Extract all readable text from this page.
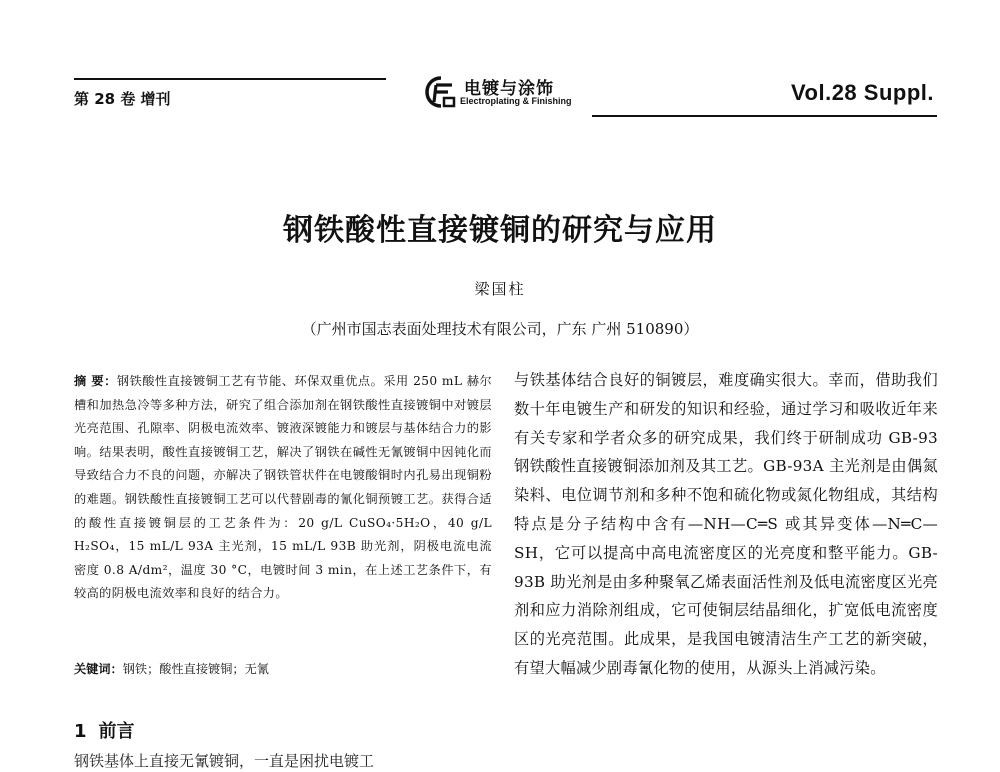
第 28 卷 增刊	电镀与涂饰
Electroplating & Finishing	Vol.28 Suppl.
钢铁酸性直接镀铜的研究与应用
梁国柱
（广州市国志表面处理技术有限公司，广东 广州 510890）
摘 要：钢铁酸性直接镀铜工艺有节能、环保双重优点。采用 250 mL 赫尔槽和加热急冷等多种方法，研究了组合添加剂在钢铁酸性直接镀铜中对镀层光亮范围、孔隙率、阴极电流效率、镀液深镀能力和镀层与基体结合力的影响。结果表明，酸性直接镀铜工艺，解决了钢铁在碱性无氰镀铜中因钝化而导致结合力不良的问题，亦解决了钢铁管状件在电镀酸铜时内孔易出现铜粉的难题。钢铁酸性直接镀铜工艺可以代替剧毒的氰化铜预镀工艺。获得合适的酸性直接镀铜层的工艺条件为：20 g/L CuSO₄·5H₂O，40 g/L H₂SO₄，15 mL/L 93A 主光剂，15 mL/L 93B 助光剂，阴极电流电流密度 0.8 A/dm²，温度 30 °C，电镀时间 3 min，在上述工艺条件下，有较高的阴极电流效率和良好的结合力。
关键词：钢铁；酸性直接镀铜；无氰
1 前言
钢铁基体上直接无氰镀铜，一直是困扰电镀工
与铁基体结合良好的铜镀层，难度确实很大。幸而，借助我们数十年电镀生产和研发的知识和经验，通过学习和吸收近年来有关专家和学者众多的研究成果，我们终于研制成功 GB-93 钢铁酸性直接镀铜添加剂及其工艺。GB-93A 主光剂是由偶氮染料、电位调节剂和多种不饱和硫化物或氮化物组成，其结构特点是分子结构中含有—NH—C═S 或其异变体—N═C—SH，它可以提高中高电流密度区的光亮度和整平能力。GB-93B 助光剂是由多种聚氧乙烯表面活性剂及低电流密度区光亮剂和应力消除剂组成，它可使铜层结晶细化，扩宽低电流密度区的光亮范围。此成果，是我国电镀清洁生产工艺的新突破，有望大幅减少剧毒氰化物的使用，从源头上消减污染。
